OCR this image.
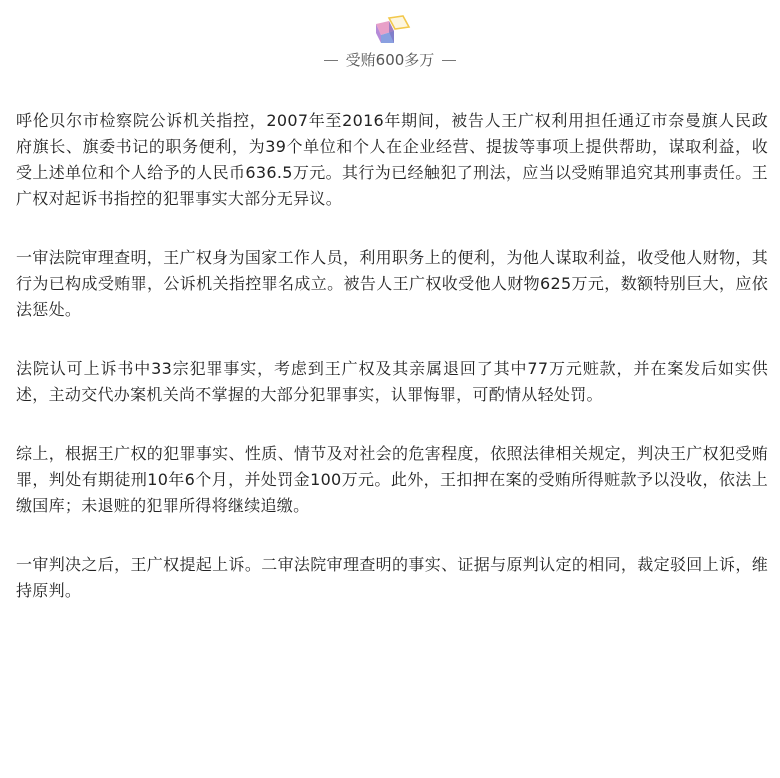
受贿600多万

呼伦贝尔市检察院公诉机关指控，2007年至2016年期间，被告人王广权利用担任通辽市奈曼旗人民政府旗长、旗委书记的职务便利，为39个单位和个人在企业经营、提拔等事项上提供帮助，谋取利益，收受上述单位和个人给予的人民币636.5万元。其行为已经触犯了刑法，应当以受贿罪追究其刑事责任。王广权对起诉书指控的犯罪事实大部分无异议。

一审法院审理查明，王广权身为国家工作人员，利用职务上的便利，为他人谋取利益，收受他人财物，其行为已构成受贿罪，公诉机关指控罪名成立。被告人王广权收受他人财物625万元，数额特别巨大，应依法惩处。

法院认可上诉书中33宗犯罪事实，考虑到王广权及其亲属退回了其中77万元赃款，并在案发后如实供述，主动交代办案机关尚不掌握的大部分犯罪事实，认罪悔罪，可酌情从轻处罚。

综上，根据王广权的犯罪事实、性质、情节及对社会的危害程度，依照法律相关规定，判决王广权犯受贿罪，判处有期徒刑10年6个月，并处罚金100万元。此外，王扣押在案的受贿所得赃款予以没收，依法上缴国库；未退赃的犯罪所得将继续追缴。

一审判决之后，王广权提起上诉。二审法院审理查明的事实、证据与原判认定的相同，裁定驳回上诉，维持原判。
